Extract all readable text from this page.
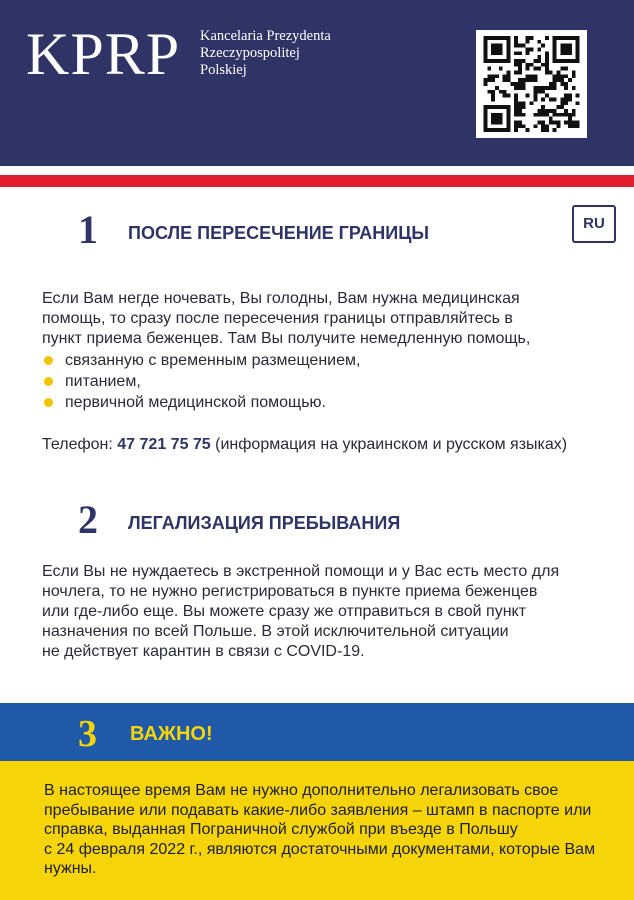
KPRP Kancelaria Prezydenta
Rzeczypospolitej
Polskiej
RU
1 ПОСЛЕ ПЕРЕСЕЧЕНИЕ ГРАНИЦЫ
Если Вам негде ночевать, Вы голодны, Вам нужна медицинская
помощь, то сразу после пересечения границы отправляйтесь в
пункт приема беженцев. Там Вы получите немедленную помощь,
связанную с временным размещением,
питанием,
первичной медицинской помощью.
Телефон: 47 721 75 75 (информация на украинском и русском языках)
2 ЛЕГАЛИЗАЦИЯ ПРЕБЫВАНИЯ
Если Вы не нуждаетесь в экстренной помощи и у Вас есть место для
ночлега, то не нужно регистрироваться в пункте приема беженцев
или где-либо еще. Вы можете сразу же отправиться в свой пункт
назначения по всей Польше. В этой исключительной ситуации
не действует карантин в связи с COVID-19.
3 ВАЖНО!
В настоящее время Вам не нужно дополнительно легализовать свое
пребывание или подавать какие-либо заявления – штамп в паспорте или
справка, выданная Пограничной службой при въезде в Польшу
с 24 февраля 2022 г., являются достаточными документами, которые Вам
нужны.
